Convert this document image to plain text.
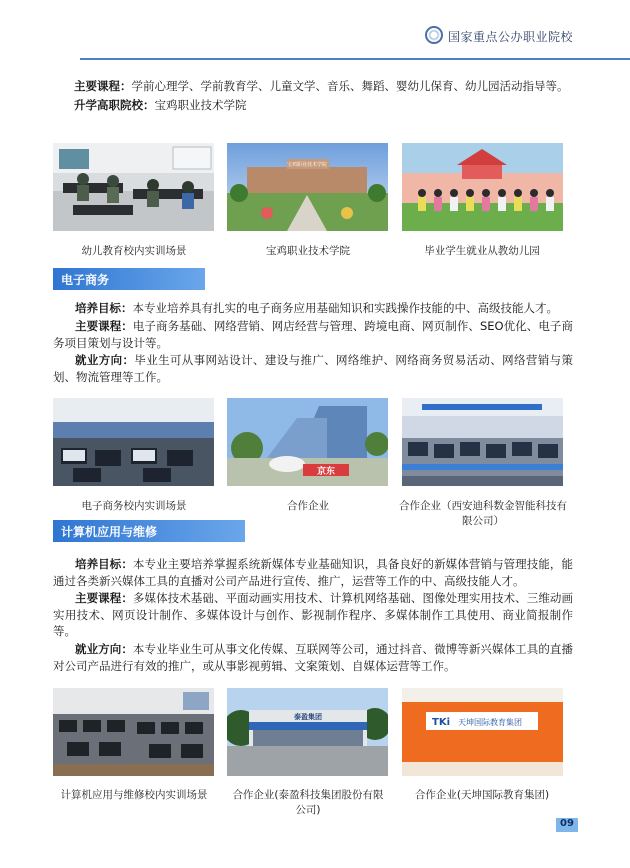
国家重点公办职业院校
主要课程：学前心理学、学前教育学、儿童文学、音乐、舞蹈、婴幼儿保育、幼儿园活动指导等。
升学高职院校：宝鸡职业技术学院
宝鸡职业技术学院
幼儿教育校内实训场景	宝鸡职业技术学院	毕业学生就业从教幼儿园
电子商务
培养目标：本专业培养具有扎实的电子商务应用基础知识和实践操作技能的中、高级技能人才。
主要课程：电子商务基础、网络营销、网店经营与管理、跨境电商、网页制作、SEO优化、电子商务项目策划与设计等。
就业方向：毕业生可从事网站设计、建设与推广、网络维护、网络商务贸易活动、网络营销与策划、物流管理等工作。
京东
电子商务校内实训场景	合作企业	合作企业（西安迪科数金智能科技有限公司）
计算机应用与维修
培养目标：本专业主要培养掌握系统新媒体专业基础知识，具备良好的新媒体营销与管理技能，能通过各类新兴媒体工具的直播对公司产品进行宣传、推广，运营等工作的中、高级技能人才。
主要课程：多媒体技术基础、平面动画实用技术、计算机网络基础、图像处理实用技术、三维动画实用技术、网页设计制作、多媒体设计与创作、影视制作程序、多媒体制作工具使用、商业简报制作等。
就业方向：本专业毕业生可从事文化传媒、互联网等公司，通过抖音、微博等新兴媒体工具的直播对公司产品进行有效的推广，或从事影视剪辑、文案策划、自媒体运营等工作。
泰盈集团	TKi 天坤国际教育集团
计算机应用与维修校内实训场景	合作企业(泰盈科技集团股份有限公司)
合作企业(天坤国际教育集团)
09
